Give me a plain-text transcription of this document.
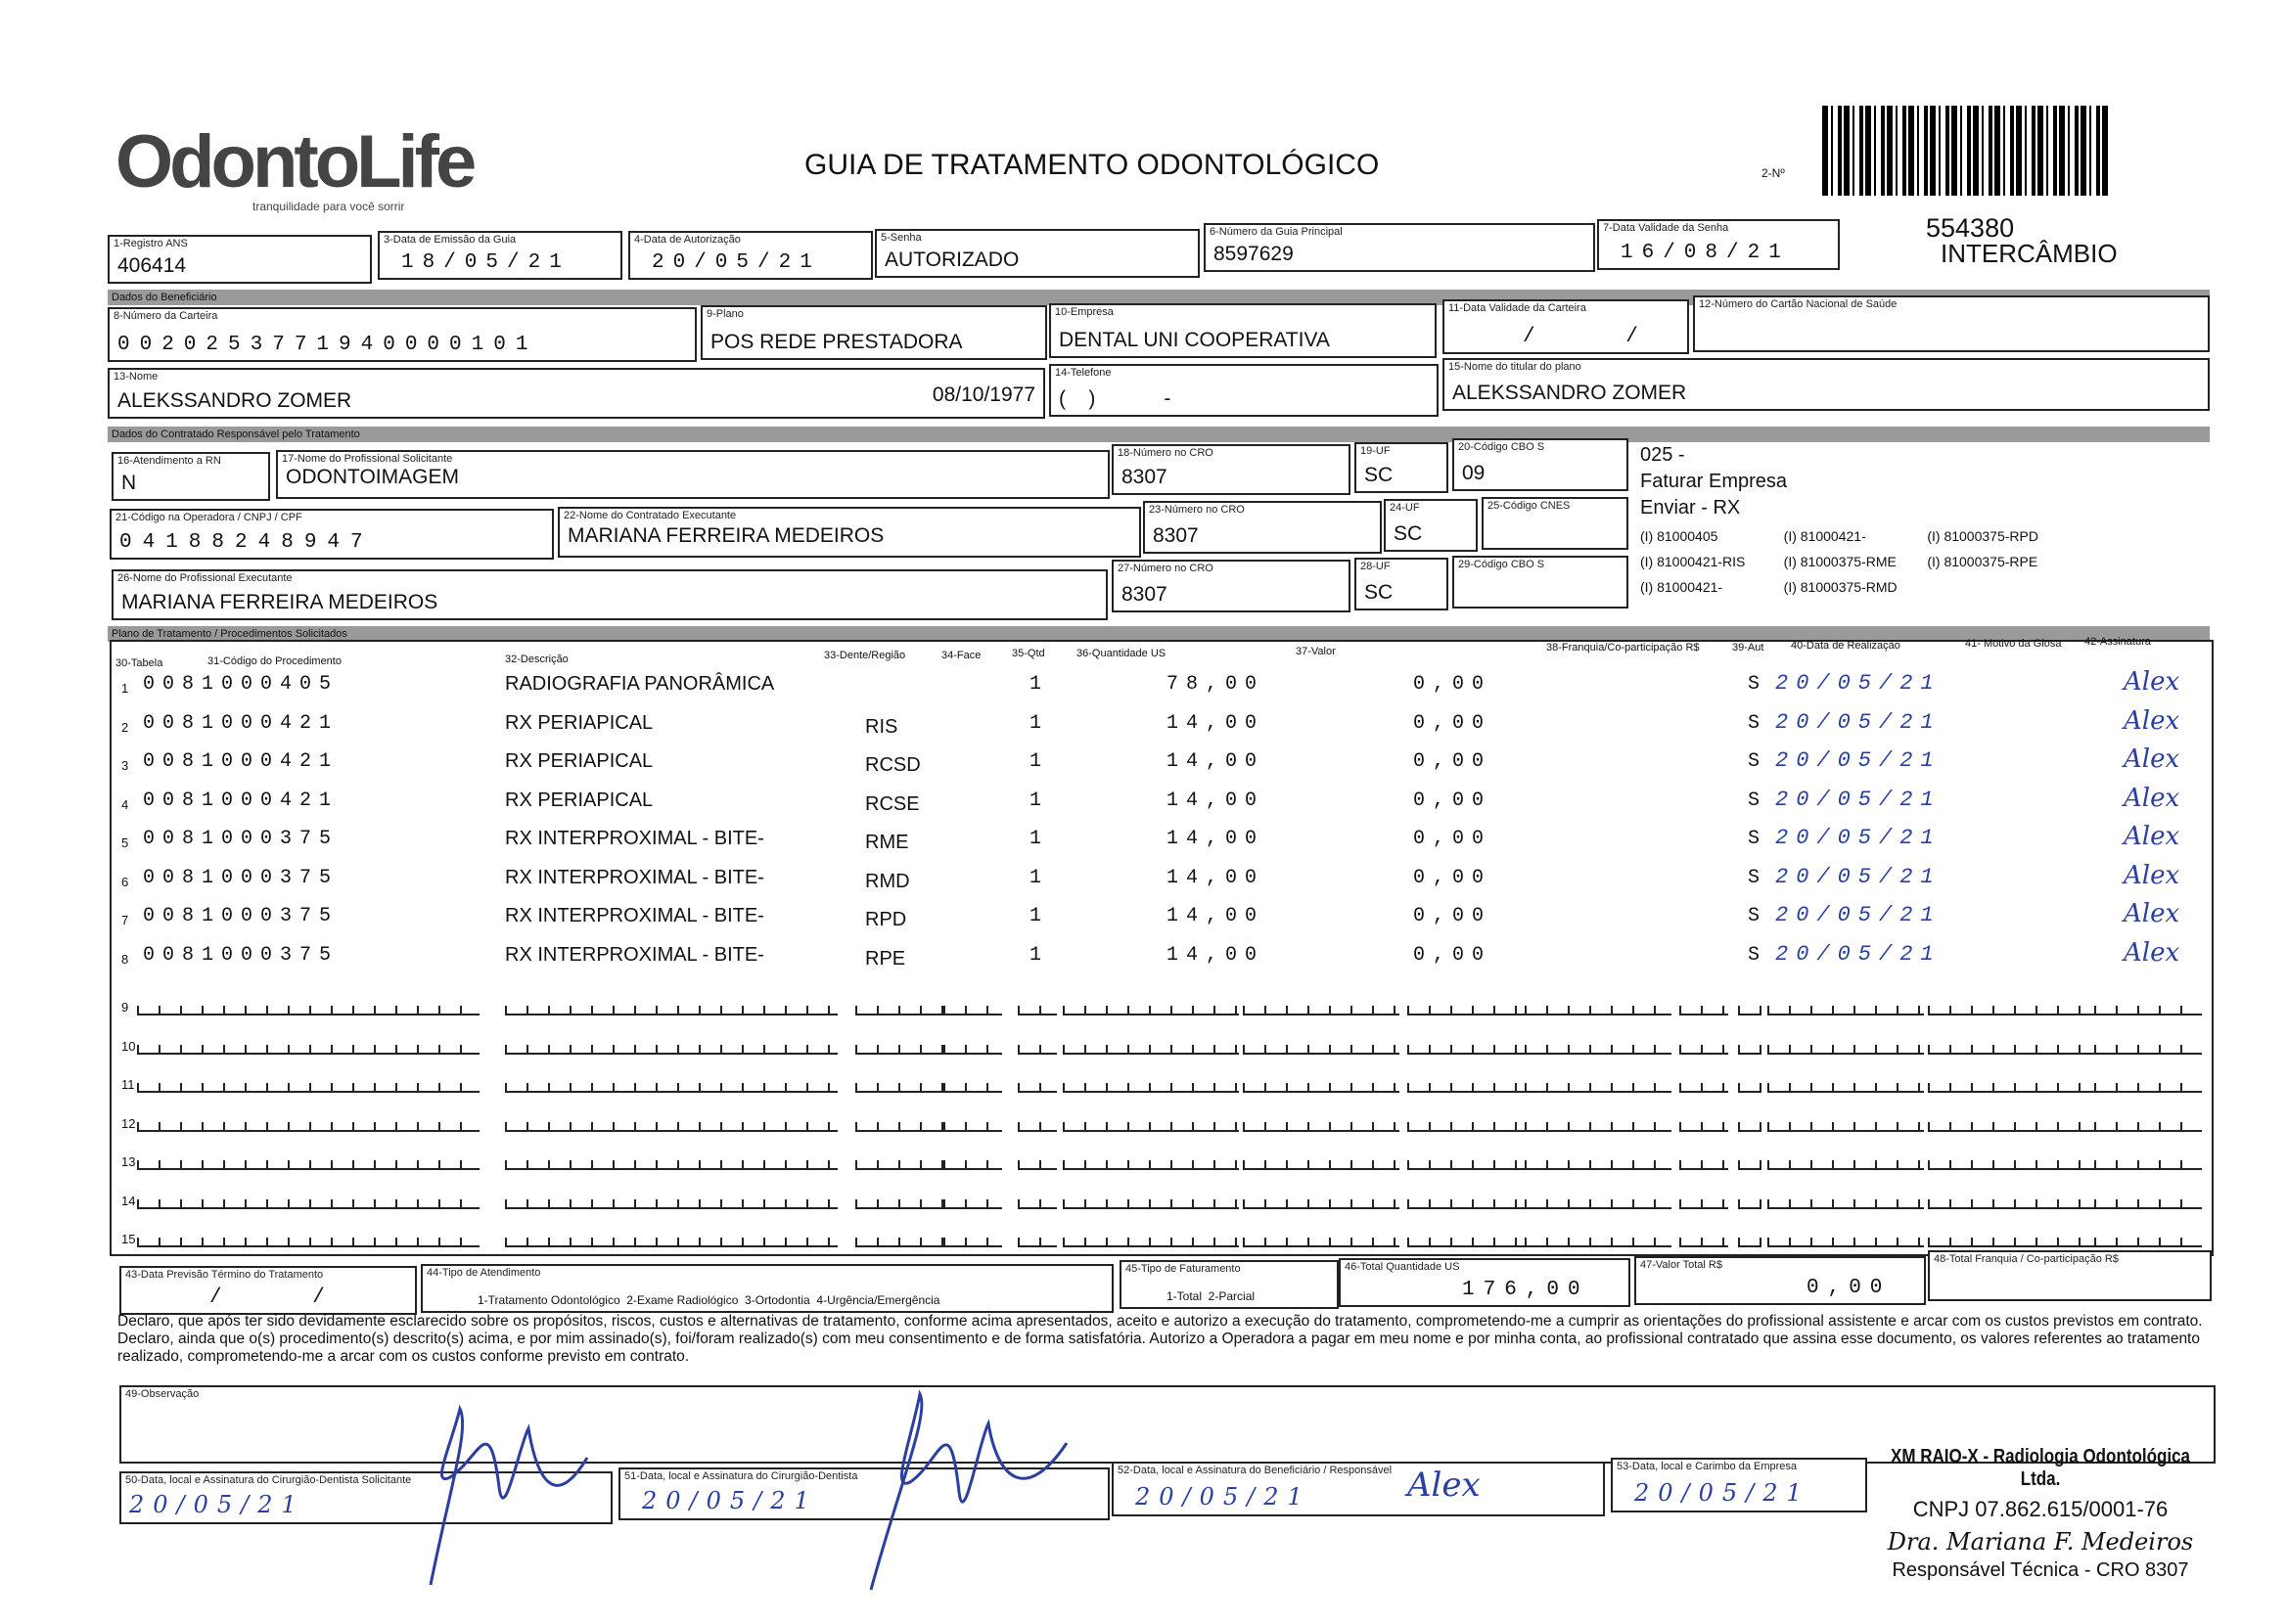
OdontoLife
tranquilidade para você sorrir
GUIA DE TRATAMENTO ODONTOLÓGICO	2-Nº
554380
INTERCÂMBIO
1-Registro ANS
406414
3-Data de Emissão da Guia
18/05/21
4-Data de Autorização
20/05/21
5-Senha
AUTORIZADO
6-Número da Guia Principal
8597629
7-Data Validade da Senha
16/08/21
Dados do Beneficiário
8-Número da Carteira
0020253771940000101
9-Plano
POS REDE PRESTADORA
10-Empresa
DENTAL UNI COOPERATIVA
11-Data Validade da Carteira
/ /
12-Número do Cartão Nacional de Saúde
13-Nome
ALEKSSANDRO ZOMER	08/10/1977
14-Telefone
(    )            -
15-Nome do titular do plano
ALEKSSANDRO ZOMER
Dados do Contratado Responsável pelo Tratamento
16-Atendimento a RN
N
17-Nome do Profissional Solicitante
ODONTOIMAGEM
18-Número no CRO
8307
19-UF
SC
20-Código CBO S
09
21-Código na Operadora / CNPJ / CPF
04188248947
22-Nome do Contratado Executante
MARIANA FERREIRA MEDEIROS
23-Número no CRO
8307
24-UF
SC
25-Código CNES
26-Nome do Profissional Executante
MARIANA FERREIRA MEDEIROS
27-Número no CRO
8307
28-UF
SC
29-Código CBO S
025 -
Faturar Empresa
Enviar - RX
(I) 81000405	(I) 81000421-	(I) 81000375-RPD
(I) 81000421-RIS	(I) 81000375-RME	(I) 81000375-RPE
(I) 81000421-	(I) 81000375-RMD
Plano de Tratamento / Procedimentos Solicitados
30-Tabela	31-Código do Procedimento	32-Descrição	33-Dente/Região	34-Face	35-Qtd	36-Quantidade US	37-Valor	38-Franquia/Co-participação R$	39-Aut	40-Data de Realização	41- Motivo da Glosa 42-Assinatura
1 0081000405	RADIOGRAFIA PANORÂMICA	1	78,00	0,00	S 20/05/21	Alex
2 0081000421	RX PERIAPICAL	RIS	1	14,00	0,00	S 20/05/21	Alex
3 0081000421	RX PERIAPICAL	RCSD	1	14,00	0,00	S 20/05/21	Alex
4 0081000421	RX PERIAPICAL	RCSE	1	14,00	0,00	S 20/05/21	Alex
5 0081000375	RX INTERPROXIMAL - BITE-	RME	1	14,00	0,00	S 20/05/21	Alex
6 0081000375	RX INTERPROXIMAL - BITE-	RMD	1	14,00	0,00	S 20/05/21	Alex
7 0081000375	RX INTERPROXIMAL - BITE-	RPD	1	14,00	0,00	S 20/05/21	Alex
8 0081000375	RX INTERPROXIMAL - BITE-	RPE	1	14,00	0,00	S 20/05/21	Alex
9
10
11
12
13
14
15
43-Data Previsão Término do Tratamento
/ /
44-Tipo de Atendimento
1-Tratamento Odontológico  2-Exame Radiológico  3-Ortodontia  4-Urgência/Emergência
45-Tipo de Faturamento
1-Total  2-Parcial
46-Total Quantidade US
176,00
47-Valor Total R$
0,00
48-Total Franquia / Co-participação R$
Declaro, que após ter sido devidamente esclarecido sobre os propósitos, riscos, custos e alternativas de tratamento, conforme acima apresentados, aceito e autorizo a execução do tratamento, comprometendo-me a cumprir as orientações do profissional assistente e arcar com os custos previstos em contrato. Declaro, ainda que o(s) procedimento(s) descrito(s) acima, e por mim assinado(s), foi/foram realizado(s) com meu consentimento e de forma satisfatória. Autorizo a Operadora a pagar em meu nome e por minha conta, ao profissional contratado que assina esse documento, os valores referentes ao tratamento realizado, comprometendo-me a arcar com os custos conforme previsto em contrato.
49-Observação
50-Data, local e Assinatura do Cirurgião-Dentista Solicitante
20/05/21
51-Data, local e Assinatura do Cirurgião-Dentista
20/05/21
52-Data, local e Assinatura do Beneficiário / Responsável
20/05/21	Alex	53-Data, local e Carimbo da Empresa
20/05/21
XM RAIO-X - Radiologia Odontológica Ltda.
CNPJ 07.862.615/0001-76
Dra. Mariana F. Medeiros
Responsável Técnica - CRO 8307
